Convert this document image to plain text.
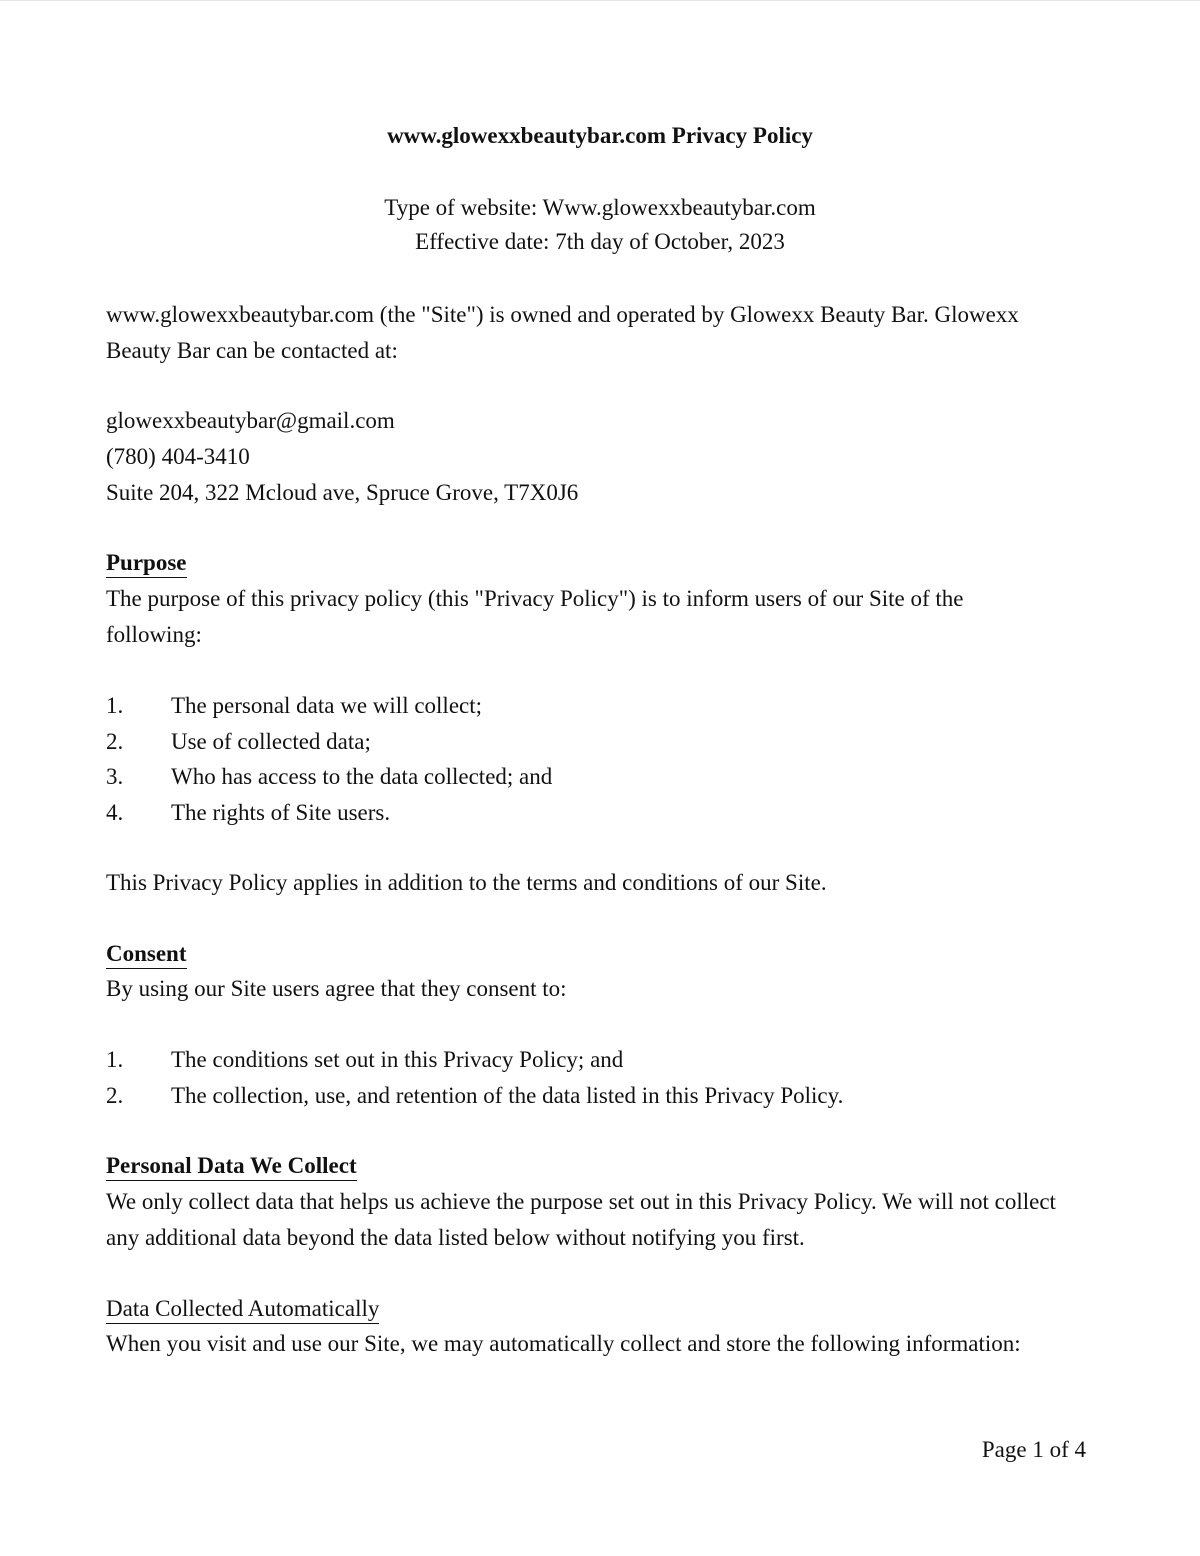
www.glowexxbeautybar.com Privacy Policy
Type of website: Www.glowexxbeautybar.com
Effective date: 7th day of October, 2023
www.glowexxbeautybar.com (the "Site") is owned and operated by Glowexx Beauty Bar. Glowexx
Beauty Bar can be contacted at:
glowexxbeautybar@gmail.com
(780) 404-3410
Suite 204, 322 Mcloud ave, Spruce Grove, T7X0J6
Purpose
The purpose of this privacy policy (this "Privacy Policy") is to inform users of our Site of the
following:
1.	The personal data we will collect;
2.	Use of collected data;
3.	Who has access to the data collected; and
4.	The rights of Site users.
This Privacy Policy applies in addition to the terms and conditions of our Site.
Consent
By using our Site users agree that they consent to:
1.	The conditions set out in this Privacy Policy; and
2.	The collection, use, and retention of the data listed in this Privacy Policy.
Personal Data We Collect
We only collect data that helps us achieve the purpose set out in this Privacy Policy. We will not collect
any additional data beyond the data listed below without notifying you first.
Data Collected Automatically
When you visit and use our Site, we may automatically collect and store the following information:
Page 1 of 4
